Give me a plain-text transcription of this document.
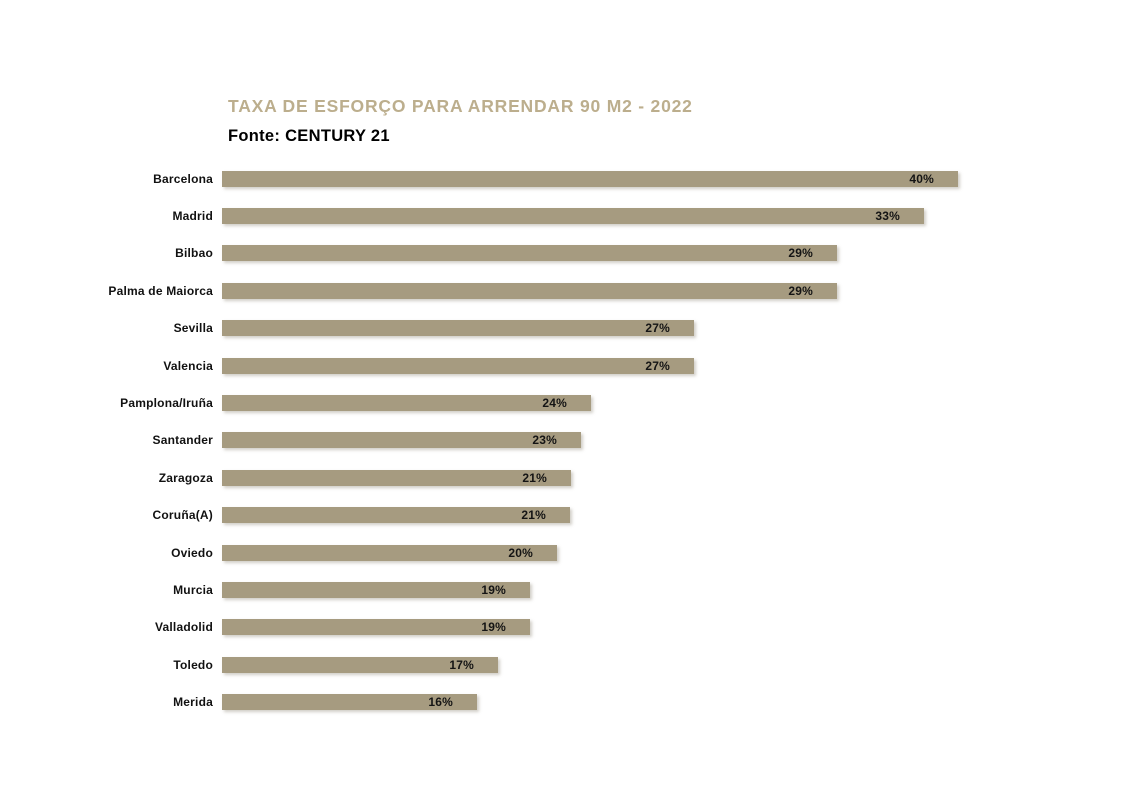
TAXA DE ESFORÇO PARA ARRENDAR 90 M2 - 2022
Fonte: CENTURY 21
Barcelona	40%
Madrid	33%
Bilbao	29%
Palma de Maiorca	29%
Sevilla	27%
Valencia	27%
Pamplona/Iruña	24%
Santander	23%
Zaragoza	21%
Coruña(A)	21%
Oviedo	20%
Murcia	19%
Valladolid	19%
Toledo	17%
Merida	16%
